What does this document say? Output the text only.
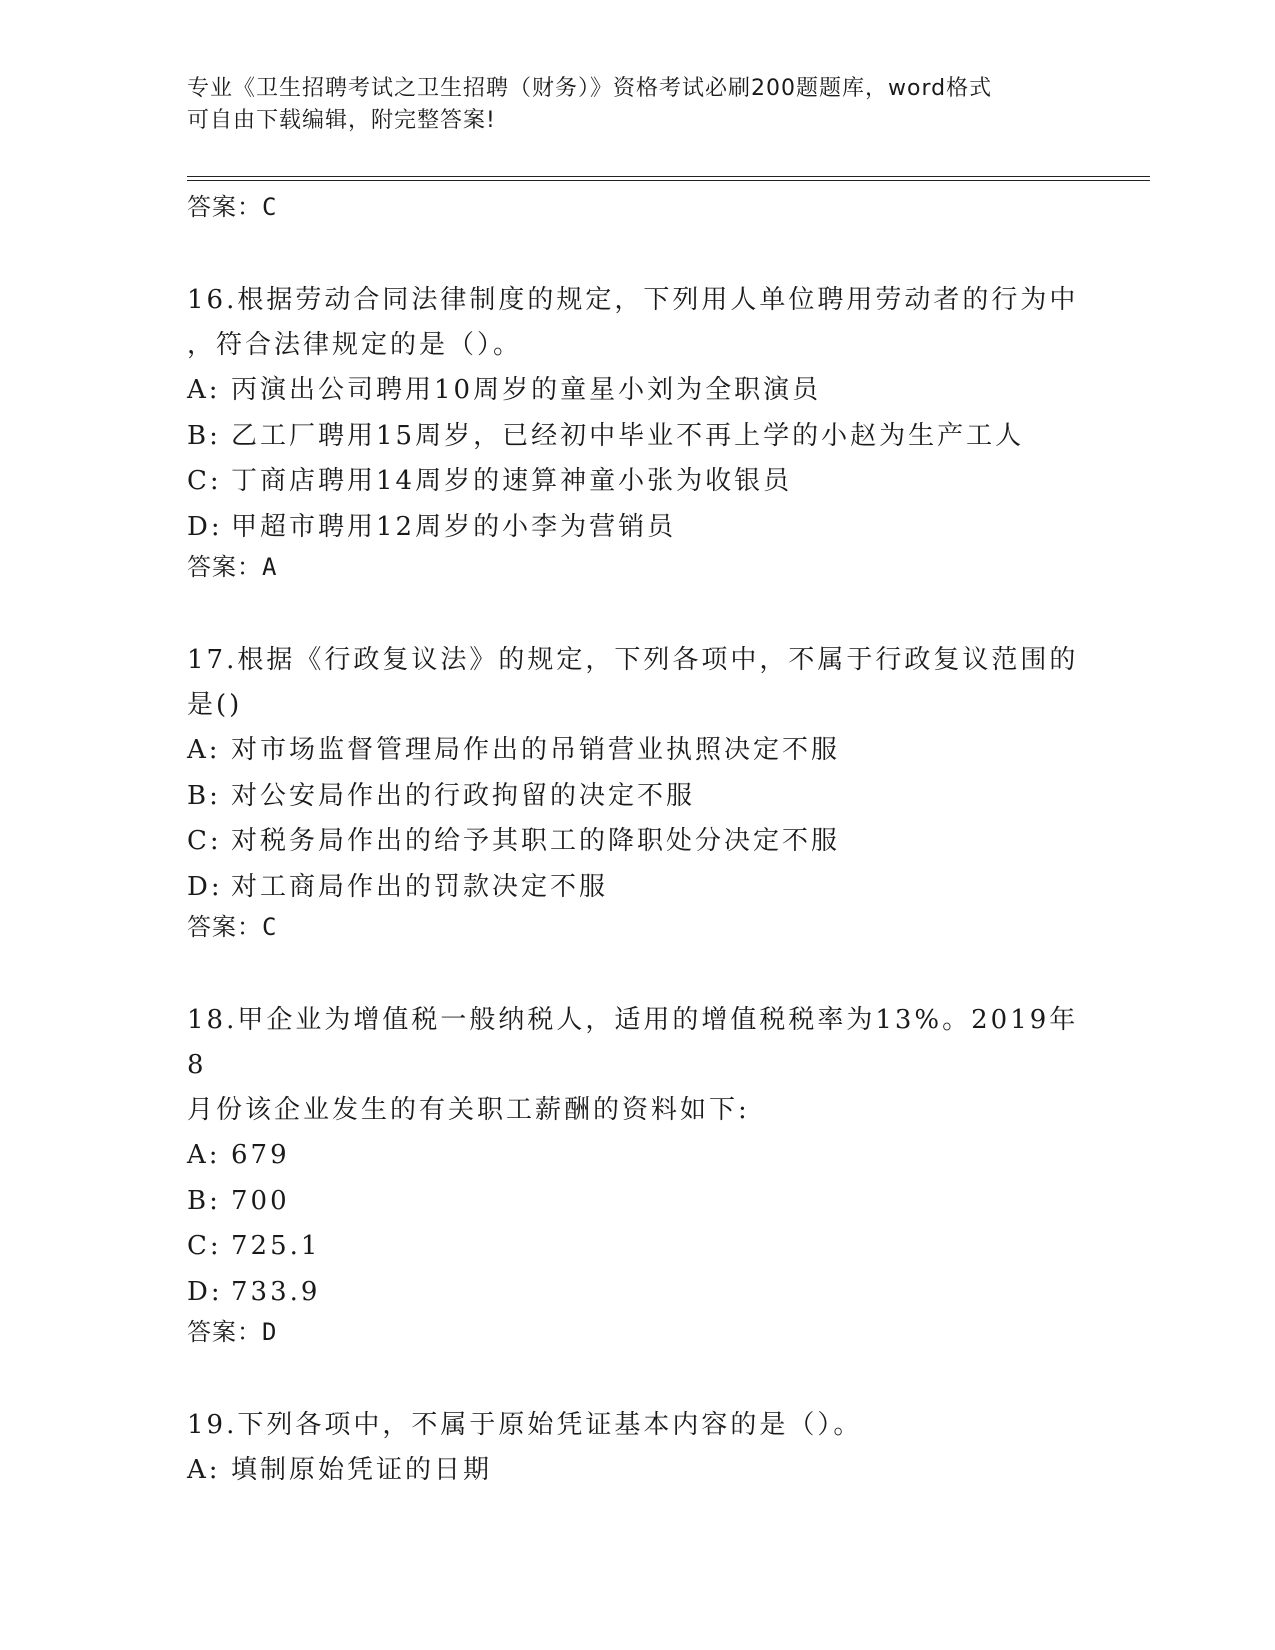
专业《卫生招聘考试之卫生招聘（财务）》资格考试必刷200题题库，word格式
可自由下载编辑，附完整答案!
答案：C
16.根据劳动合同法律制度的规定，下列用人单位聘用劳动者的行为中
，符合法律规定的是（）。
A: 丙演出公司聘用10周岁的童星小刘为全职演员
B: 乙工厂聘用15周岁，已经初中毕业不再上学的小赵为生产工人
C: 丁商店聘用14周岁的速算神童小张为收银员
D: 甲超市聘用12周岁的小李为营销员
答案：A
17.根据《行政复议法》的规定，下列各项中，不属于行政复议范围的
是()
A: 对市场监督管理局作出的吊销营业执照决定不服
B: 对公安局作出的行政拘留的决定不服
C: 对税务局作出的给予其职工的降职处分决定不服
D: 对工商局作出的罚款决定不服
答案：C
18.甲企业为增值税一般纳税人，适用的增值税税率为13%。2019年8
月份该企业发生的有关职工薪酬的资料如下:
A: 679
B: 700
C: 725.1
D: 733.9
答案：D
19.下列各项中，不属于原始凭证基本内容的是（）。
A: 填制原始凭证的日期
